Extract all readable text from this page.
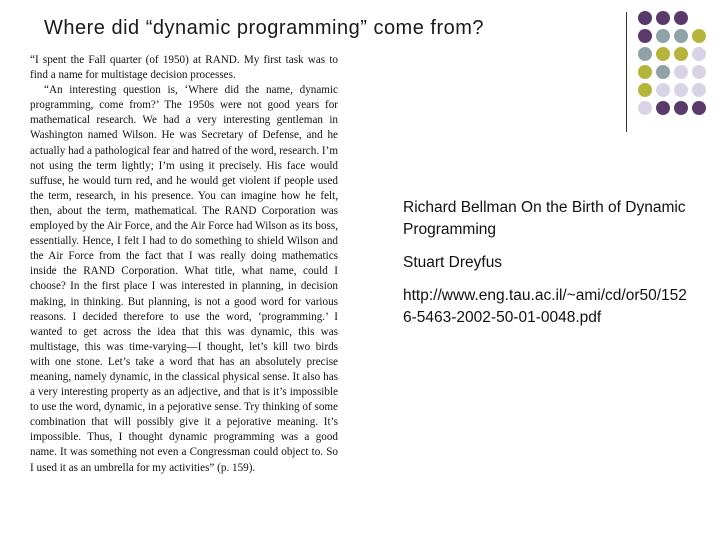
Where did “dynamic programming” come from?

“I spent the Fall quarter (of 1950) at RAND. My first task was to find a name for multistage decision processes.

“An interesting question is, ‘Where did the name, dynamic programming, come from?’ The 1950s were not good years for mathematical research. We had a very interesting gentleman in Washington named Wilson. He was Secretary of Defense, and he actually had a pathological fear and hatred of the word, research. I’m not using the term lightly; I’m using it precisely. His face would suffuse, he would turn red, and he would get violent if people used the term, research, in his presence. You can imagine how he felt, then, about the term, mathematical. The RAND Corporation was employed by the Air Force, and the Air Force had Wilson as its boss, essentially. Hence, I felt I had to do something to shield Wilson and the Air Force from the fact that I was really doing mathematics inside the RAND Corporation. What title, what name, could I choose? In the first place I was interested in planning, in decision making, in thinking. But planning, is not a good word for various reasons. I decided therefore to use the word, ‘programming.’ I wanted to get across the idea that this was dynamic, this was multistage, this was time-varying—I thought, let’s kill two birds with one stone. Let’s take a word that has an absolutely precise meaning, namely dynamic, in the classical physical sense. It also has a very interesting property as an adjective, and that is it’s impossible to use the word, dynamic, in a pejorative sense. Try thinking of some combination that will possibly give it a pejorative meaning. It’s impossible. Thus, I thought dynamic programming was a good name. It was something not even a Congressman could object to. So I used it as an umbrella for my activities” (p. 159).

Richard Bellman On the Birth of Dynamic Programming
Stuart Dreyfus
http://www.eng.tau.ac.il/~ami/cd/or50/1526-5463-2002-50-01-0048.pdf
